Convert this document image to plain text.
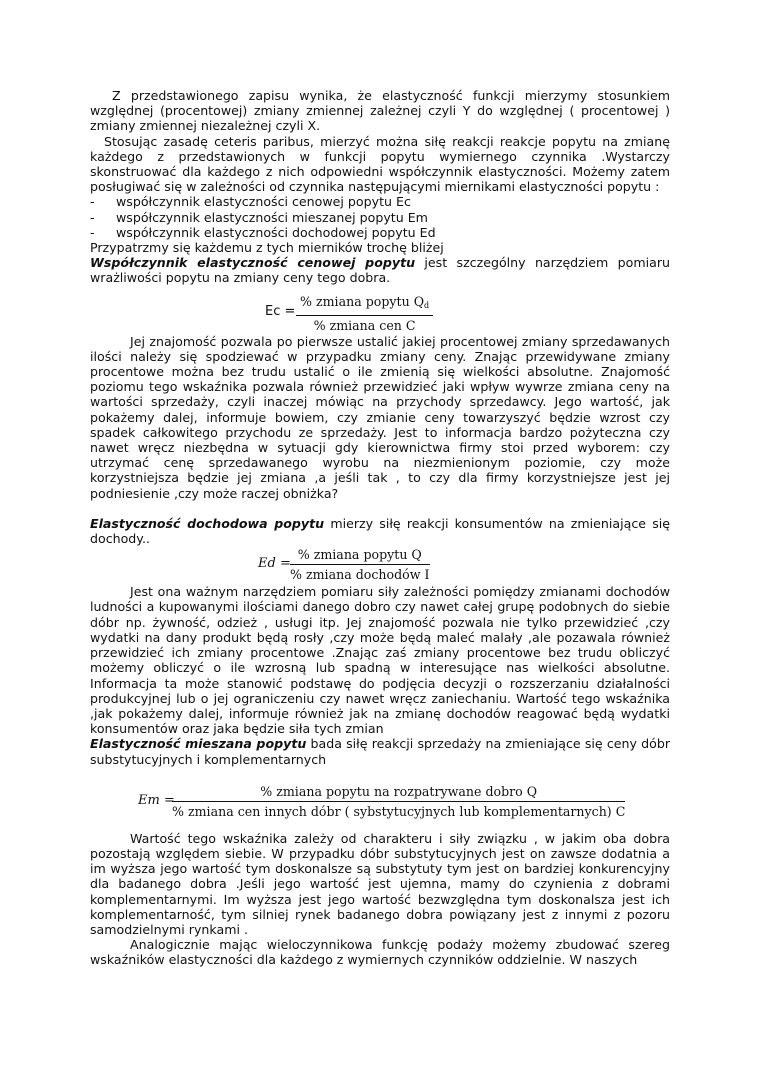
Z przedstawionego zapisu wynika, że elastyczność funkcji mierzymy stosunkiem względnej (procentowej) zmiany zmiennej zależnej czyli Y do względnej ( procentowej ) zmiany zmiennej niezależnej czyli X.

Stosując zasadę ceteris paribus, mierzyć można siłę reakcji reakcje popytu na zmianę każdego z przedstawionych w funkcji popytu wymiernego czynnika .Wystarczy skonstruować dla każdego z nich odpowiedni współczynnik elastyczności. Możemy zatem posługiwać się w zależności od czynnika następującymi miernikami elastyczności popytu :

- współczynnik elastyczności cenowej popytu Ec
- współczynnik elastyczności mieszanej popytu Em
- współczynnik elastyczności dochodowej popytu Ed

Przypatrzmy się każdemu z tych mierników trochę bliżej

Współczynnik elastyczność cenowej popytu jest szczególny narzędziem pomiaru wrażliwości popytu na zmiany ceny tego dobra.

Ec =
% zmiana popytu $Q_d$
% zmiana cen C

Jej znajomość pozwala po pierwsze ustalić jakiej procentowej zmiany sprzedawanych ilości należy się spodziewać w przypadku zmiany ceny. Znając przewidywane zmiany procentowe można bez trudu ustalić o ile zmienią się wielkości absolutne. Znajomość poziomu tego wskaźnika pozwala również przewidzieć jaki wpływ wywrze zmiana ceny na wartości sprzedaży, czyli inaczej mówiąc na przychody sprzedawcy. Jego wartość, jak pokażemy dalej, informuje bowiem, czy zmianie ceny towarzyszyć będzie wzrost czy spadek całkowitego przychodu ze sprzedaży. Jest to informacja bardzo pożyteczna czy nawet wręcz niezbędna w sytuacji gdy kierownictwa firmy stoi przed wyborem: czy utrzymać cenę sprzedawanego wyrobu na niezmienionym poziomie, czy może korzystniejsza będzie jej zmiana ,a jeśli tak , to czy dla firmy korzystniejsze jest jej podniesienie ,czy może raczej obniżka?

Elastyczność dochodowa popytu mierzy siłę reakcji konsumentów na zmieniające się dochody..

Ed =
% zmiana popytu Q
% zmiana dochodów I

Jest ona ważnym narzędziem pomiaru siły zależności pomiędzy zmianami dochodów ludności a kupowanymi ilościami danego dobro czy nawet całej grupę podobnych do siebie dóbr np. żywność, odzież , usługi itp. Jej znajomość pozwala nie tylko przewidzieć ,czy wydatki na dany produkt będą rosły ,czy może będą maleć malały ,ale pozawala również przewidzieć ich zmiany procentowe .Znając zaś zmiany procentowe bez trudu obliczyć możemy obliczyć o ile wzrosną lub spadną w interesujące nas wielkości absolutne. Informacja ta może stanowić podstawę do podjęcia decyzji o rozszerzaniu działalności produkcyjnej lub o jej ograniczeniu czy nawet wręcz zaniechaniu. Wartość tego wskaźnika ,jak pokażemy dalej, informuje również jak na zmianę dochodów reagować będą wydatki konsumentów oraz jaka będzie siła tych zmian

Elastyczność mieszana popytu bada siłę reakcji sprzedaży na zmieniające się ceny dóbr substytucyjnych i komplementarnych

Em =
% zmiana popytu na rozpatrywane dobro Q
% zmiana cen innych dóbr ( sybstytucyjnych lub komplementarnych) C

Wartość tego wskaźnika zależy od charakteru i siły związku , w jakim oba dobra pozostają względem siebie. W przypadku dóbr substytucyjnych jest on zawsze dodatnia a im wyższa jego wartość tym doskonalsze są substytuty tym jest on bardziej konkurencyjny dla badanego dobra .Jeśli jego wartość jest ujemna, mamy do czynienia z dobrami komplementarnymi. Im wyższa jest jego wartość bezwzględna tym doskonalsza jest ich komplementarność, tym silniej rynek badanego dobra powiązany jest z innymi z pozoru samodzielnymi rynkami .

Analogicznie mając wieloczynnikowa funkcję podaży możemy zbudować szereg wskaźników elastyczności dla każdego z wymiernych czynników oddzielnie. W naszych
